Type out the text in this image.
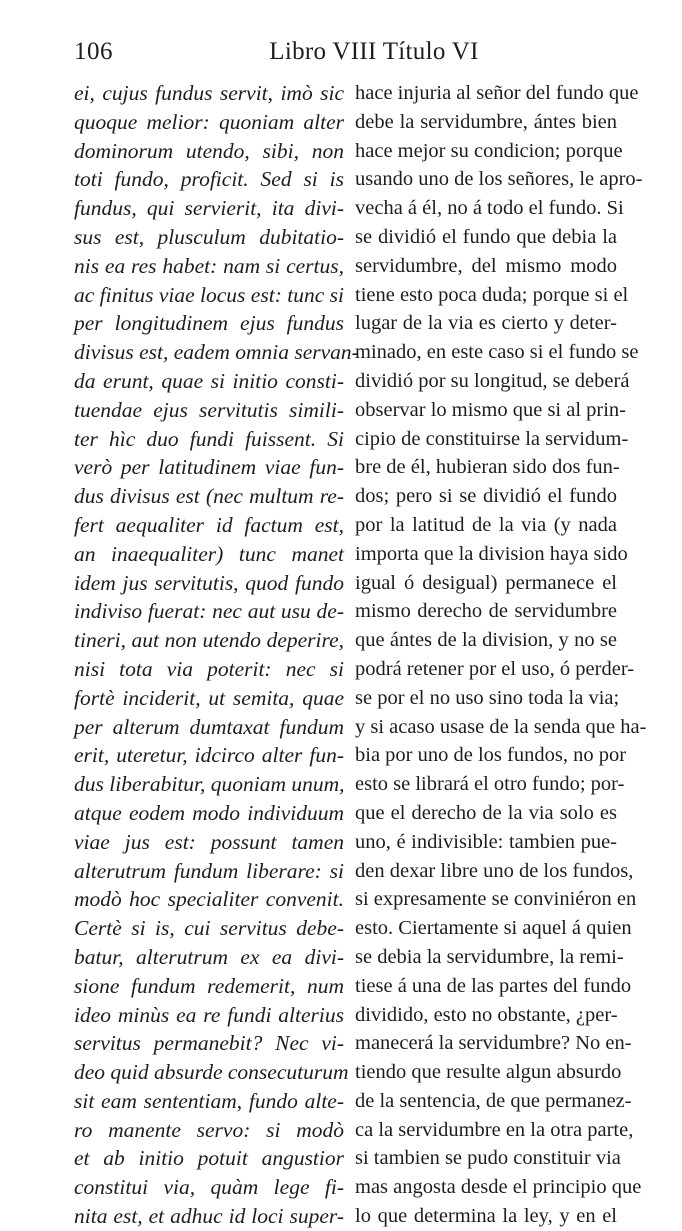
106	Libro VIII Título VI
ei, cujus fundus servit, imò sic
quoque melior: quoniam alter
dominorum utendo, sibi, non
toti fundo, proficit. Sed si is
fundus, qui servierit, ita divi-
sus est, plusculum dubitatio-
nis ea res habet: nam si certus,
ac finitus viae locus est: tunc si
per longitudinem ejus fundus
divisus est, eadem omnia servan-
da erunt, quae si initio consti-
tuendae ejus servitutis simili-
ter hìc duo fundi fuissent. Si
verò per latitudinem viae fun-
dus divisus est (nec multum re-
fert aequaliter id factum est,
an inaequaliter) tunc manet
idem jus servitutis, quod fundo
indiviso fuerat: nec aut usu de-
tineri, aut non utendo deperire,
nisi tota via poterit: nec si
fortè inciderit, ut semita, quae
per alterum dumtaxat fundum
erit, uteretur, idcirco alter fun-
dus liberabitur, quoniam unum,
atque eodem modo individuum
viae jus est: possunt tamen
alterutrum fundum liberare: si
modò hoc specialiter convenit.
Certè si is, cui servitus debe-
batur, alterutrum ex ea divi-
sione fundum redemerit, num
ideo minùs ea re fundi alterius
servitus permanebit? Nec vi-
deo quid absurde consecuturum
sit eam sententiam, fundo alte-
ro manente servo: si modò
et ab initio potuit angustior
constitui via, quàm lege fi-
nita est, et adhuc id loci super-
hace injuria al señor del fundo que
debe la servidumbre, ántes bien
hace mejor su condicion; porque
usando uno de los señores, le apro-
vecha á él, no á todo el fundo. Si
se dividió el fundo que debia la
servidumbre, del mismo modo
tiene esto poca duda; porque si el
lugar de la via es cierto y deter-
minado, en este caso si el fundo se
dividió por su longitud, se deberá
observar lo mismo que si al prin-
cipio de constituirse la servidum-
bre de él, hubieran sido dos fun-
dos; pero si se dividió el fundo
por la latitud de la via (y nada
importa que la division haya sido
igual ó desigual) permanece el
mismo derecho de servidumbre
que ántes de la division, y no se
podrá retener por el uso, ó perder-
se por el no uso sino toda la via;
y si acaso usase de la senda que ha-
bia por uno de los fundos, no por
esto se librará el otro fundo; por-
que el derecho de la via solo es
uno, é indivisible: tambien pue-
den dexar libre uno de los fundos,
si expresamente se conviniéron en
esto. Ciertamente si aquel á quien
se debia la servidumbre, la remi-
tiese á una de las partes del fundo
dividido, esto no obstante, ¿per-
manecerá la servidumbre? No en-
tiendo que resulte algun absurdo
de la sentencia, de que permanez-
ca la servidumbre en la otra parte,
si tambien se pudo constituir via
mas angosta desde el principio que
lo que determina la ley, y en el
